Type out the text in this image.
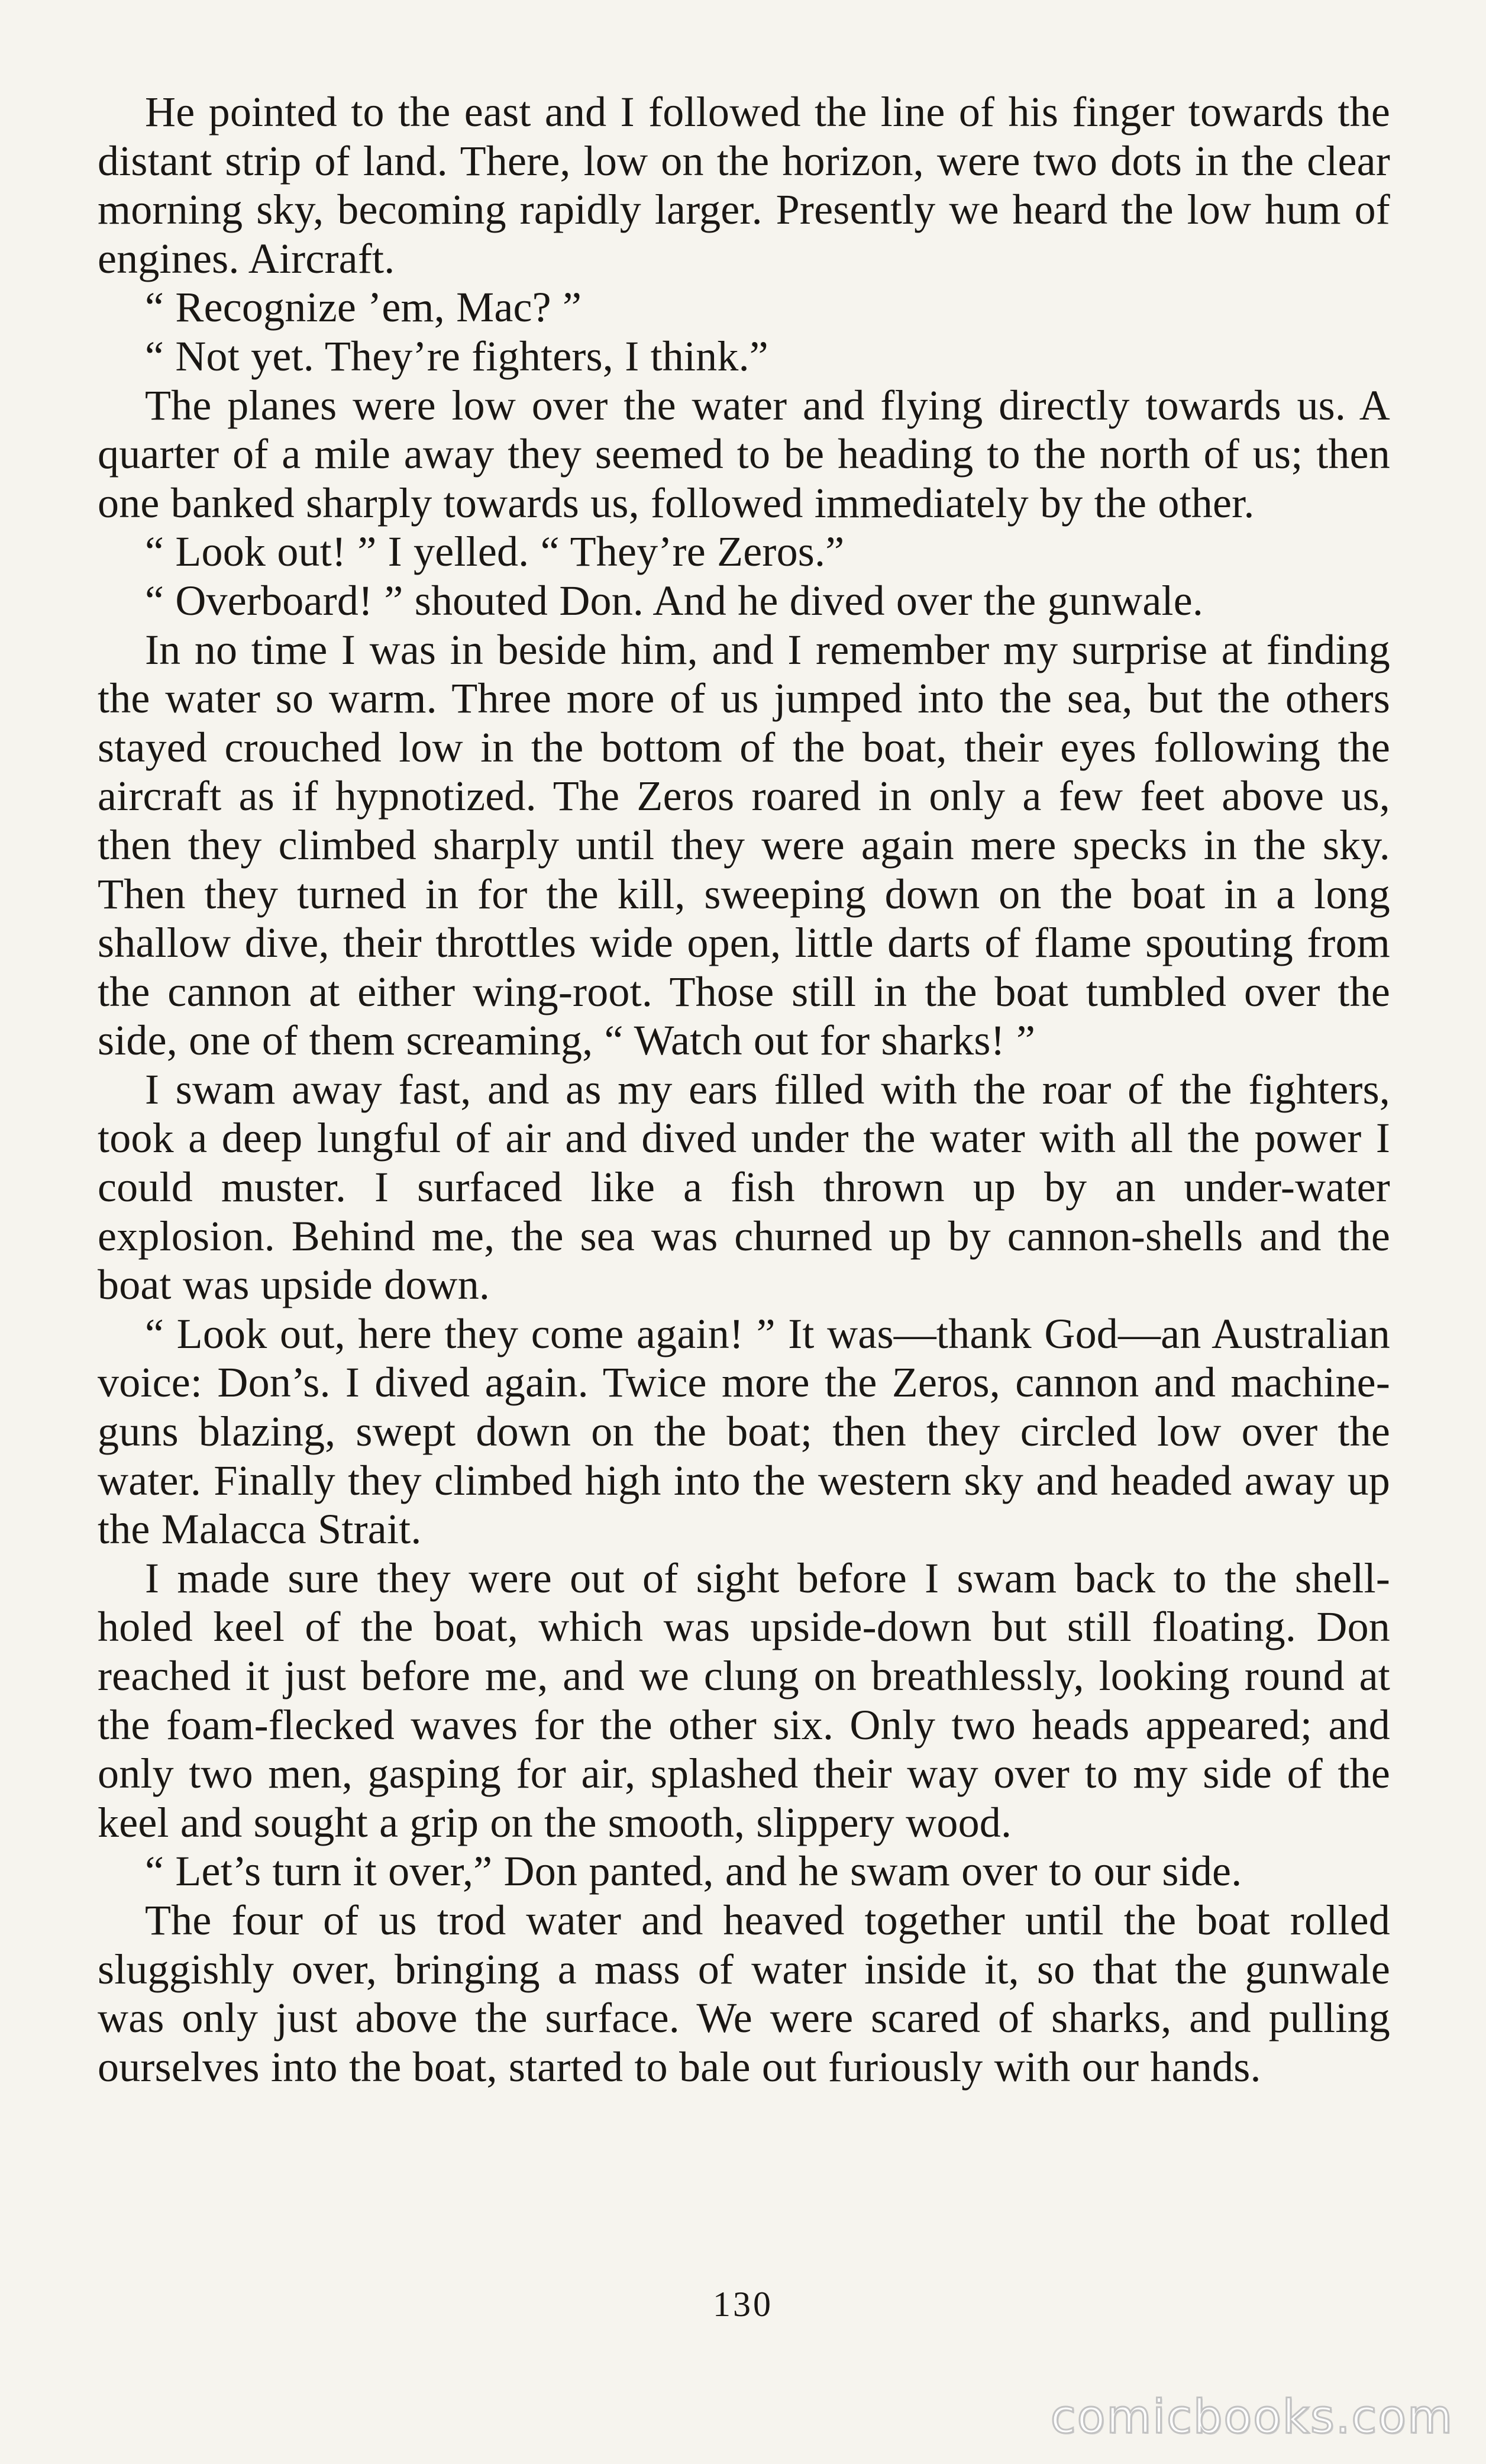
He pointed to the east and I followed the line of his finger towards the distant strip of land. There, low on the horizon, were two dots in the clear morning sky, becoming rapidly larger. Presently we heard the low hum of engines. Aircraft.

“ Recognize ’em, Mac? ”

“ Not yet. They’re fighters, I think.”

The planes were low over the water and flying directly towards us. A quarter of a mile away they seemed to be heading to the north of us; then one banked sharply towards us, followed immediately by the other.

“ Look out! ” I yelled. “ They’re Zeros.”

“ Overboard! ” shouted Don. And he dived over the gunwale.

In no time I was in beside him, and I remember my surprise at finding the water so warm. Three more of us jumped into the sea, but the others stayed crouched low in the bottom of the boat, their eyes following the aircraft as if hypnotized. The Zeros roared in only a few feet above us, then they climbed sharply until they were again mere specks in the sky. Then they turned in for the kill, sweeping down on the boat in a long shallow dive, their throttles wide open, little darts of flame spouting from the cannon at either wing-root. Those still in the boat tumbled over the side, one of them screaming, “ Watch out for sharks! ”

I swam away fast, and as my ears filled with the roar of the fighters, took a deep lungful of air and dived under the water with all the power I could muster. I surfaced like a fish thrown up by an under-water explosion. Behind me, the sea was churned up by cannon-shells and the boat was upside down.

“ Look out, here they come again! ” It was—thank God—an Australian voice: Don’s. I dived again. Twice more the Zeros, cannon and machine-guns blazing, swept down on the boat; then they circled low over the water. Finally they climbed high into the western sky and headed away up the Malacca Strait.

I made sure they were out of sight before I swam back to the shell-holed keel of the boat, which was upside-down but still floating. Don reached it just before me, and we clung on breathlessly, looking round at the foam-flecked waves for the other six. Only two heads appeared; and only two men, gasping for air, splashed their way over to my side of the keel and sought a grip on the smooth, slippery wood.

“ Let’s turn it over,” Don panted, and he swam over to our side.

The four of us trod water and heaved together until the boat rolled sluggishly over, bringing a mass of water inside it, so that the gunwale was only just above the surface. We were scared of sharks, and pulling ourselves into the boat, started to bale out furiously with our hands.

130
comicbooks.com
